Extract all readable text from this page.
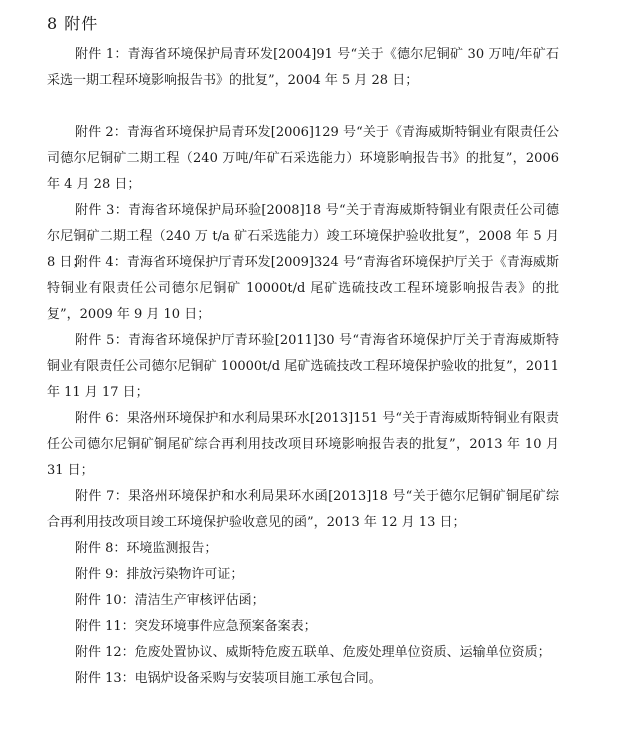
8 附件
附件 1：青海省环境保护局青环发[2004]91 号“关于《德尔尼铜矿 30 万吨/年矿石采选一期工程环境影响报告书》的批复”，2004 年 5 月 28 日；
附件 2：青海省环境保护局青环发[2006]129 号“关于《青海威斯特铜业有限责任公司德尔尼铜矿二期工程（240 万吨/年矿石采选能力）环境影响报告书》的批复”，2006 年 4 月 28 日；
附件 3：青海省环境保护局环验[2008]18 号“关于青海威斯特铜业有限责任公司德尔尼铜矿二期工程（240 万 t/a 矿石采选能力）竣工环境保护验收批复”，2008 年 5 月 8 日；
附件 4：青海省环境保护厅青环发[2009]324 号“青海省环境保护厅关于《青海威斯特铜业有限责任公司德尔尼铜矿 10000t/d 尾矿选硫技改工程环境影响报告表》的批复”，2009 年 9 月 10 日；
附件 5：青海省环境保护厅青环验[2011]30 号“青海省环境保护厅关于青海威斯特铜业有限责任公司德尔尼铜矿 10000t/d 尾矿选硫技改工程环境保护验收的批复”，2011 年 11 月 17 日；
附件 6：果洛州环境保护和水利局果环水[2013]151 号“关于青海威斯特铜业有限责任公司德尔尼铜矿铜尾矿综合再利用技改项目环境影响报告表的批复”，2013 年 10 月 31 日；
附件 7：果洛州环境保护和水利局果环水函[2013]18 号“关于德尔尼铜矿铜尾矿综合再利用技改项目竣工环境保护验收意见的函”，2013 年 12 月 13 日；
附件 8：环境监测报告；
附件 9：排放污染物许可证；
附件 10：清洁生产审核评估函；
附件 11：突发环境事件应急预案备案表；
附件 12：危废处置协议、威斯特危废五联单、危废处理单位资质、运输单位资质；
附件 13：电锅炉设备采购与安装项目施工承包合同。
